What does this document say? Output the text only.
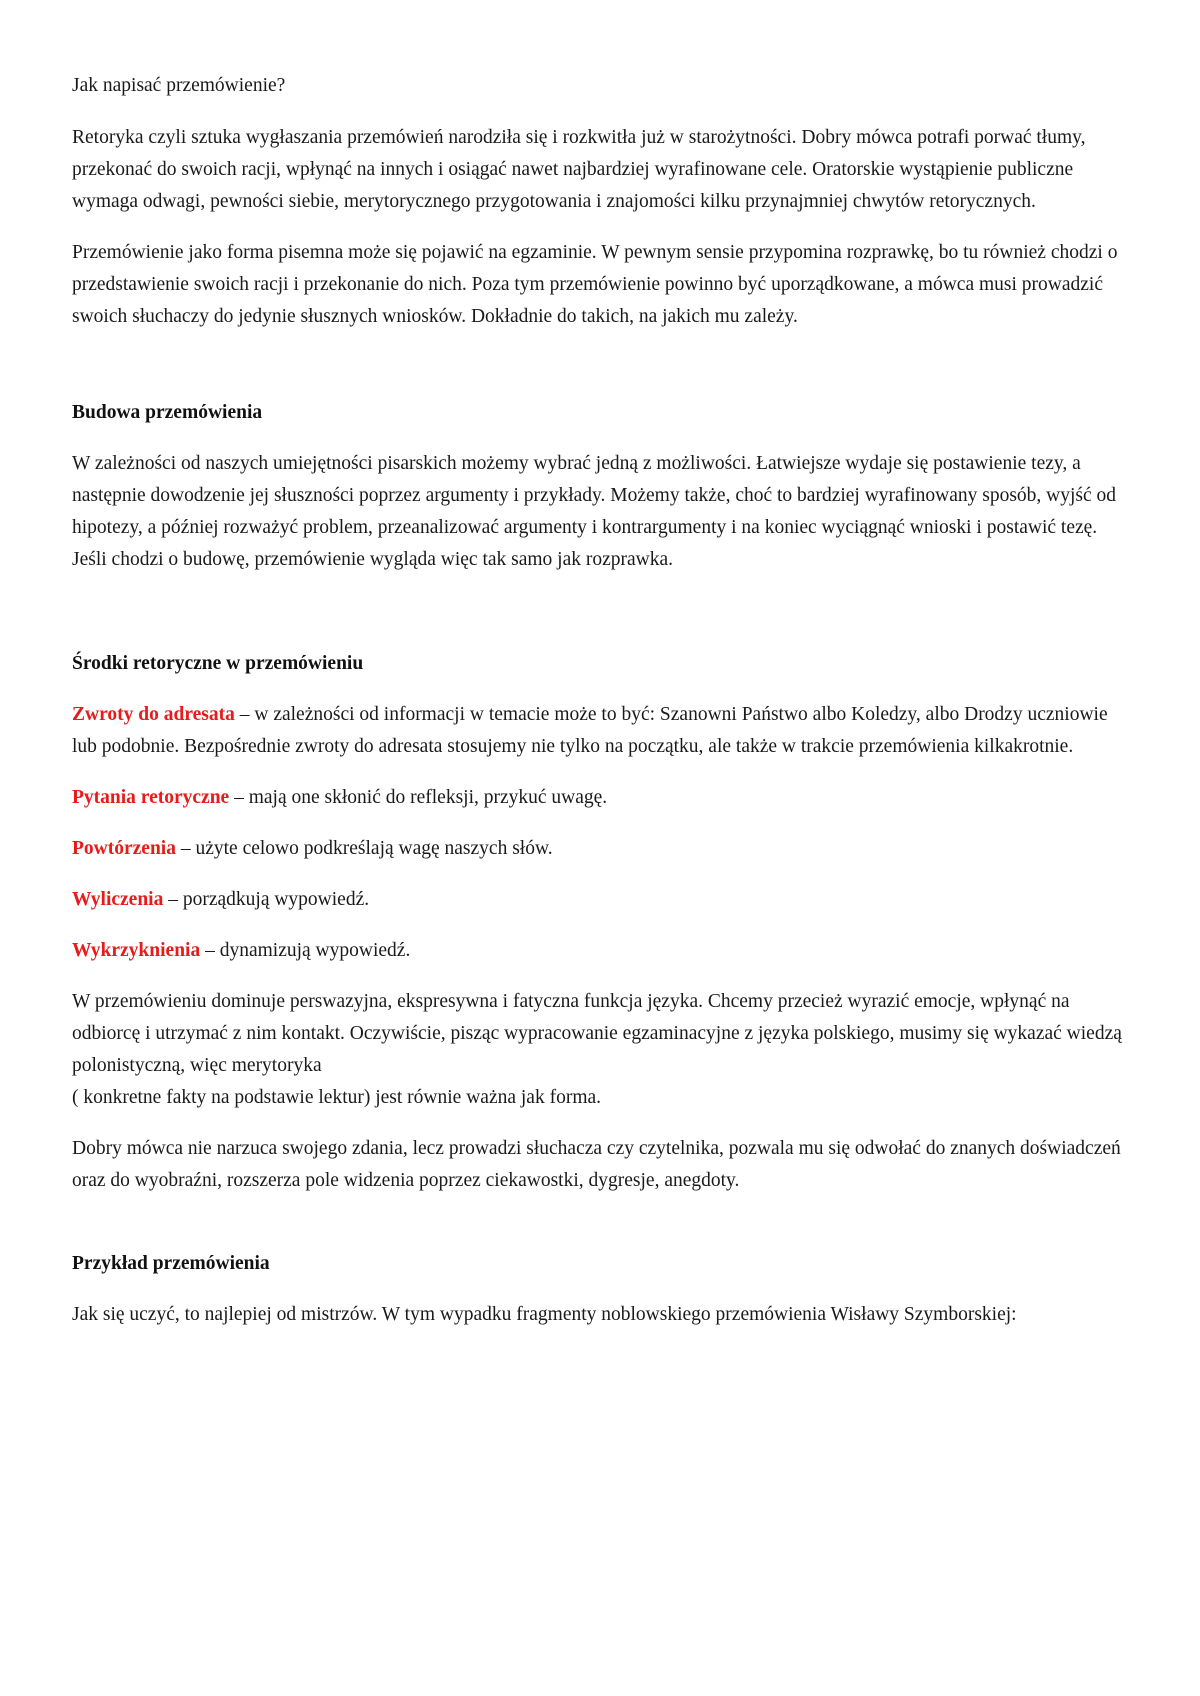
Jak napisać przemówienie?

Retoryka czyli sztuka wygłaszania przemówień narodziła się i rozkwitła już w starożytności. Dobry mówca potrafi porwać tłumy, przekonać do swoich racji, wpłynąć na innych i osiągać nawet najbardziej wyrafinowane cele. Oratorskie wystąpienie publiczne wymaga odwagi, pewności siebie, merytorycznego przygotowania i znajomości kilku przynajmniej chwytów retorycznych.

Przemówienie jako forma pisemna może się pojawić na egzaminie. W pewnym sensie przypomina rozprawkę, bo tu również chodzi o przedstawienie swoich racji i przekonanie do nich. Poza tym przemówienie powinno być uporządkowane, a mówca musi prowadzić swoich słuchaczy do jedynie słusznych wniosków. Dokładnie do takich, na jakich mu zależy.

Budowa przemówienia

W zależności od naszych umiejętności pisarskich możemy wybrać jedną z możliwości. Łatwiejsze wydaje się postawienie tezy, a następnie dowodzenie jej słuszności poprzez argumenty i przykłady. Możemy także, choć to bardziej wyrafinowany sposób, wyjść od hipotezy, a później rozważyć problem, przeanalizować argumenty i kontrargumenty i na koniec wyciągnąć wnioski i postawić tezę. Jeśli chodzi o budowę, przemówienie wygląda więc tak samo jak rozprawka.

Środki retoryczne w przemówieniu

Zwroty do adresata – w zależności od informacji w temacie może to być: Szanowni Państwo albo Koledzy, albo Drodzy uczniowie lub podobnie. Bezpośrednie zwroty do adresata stosujemy nie tylko na początku, ale także w trakcie przemówienia kilkakrotnie.

Pytania retoryczne – mają one skłonić do refleksji, przykuć uwagę.

Powtórzenia – użyte celowo podkreślają wagę naszych słów.

Wyliczenia – porządkują wypowiedź.

Wykrzyknienia – dynamizują wypowiedź.

W przemówieniu dominuje perswazyjna, ekspresywna i fatyczna funkcja języka. Chcemy przecież wyrazić emocje, wpłynąć na odbiorcę i utrzymać z nim kontakt. Oczywiście, pisząc wypracowanie egzaminacyjne z języka polskiego, musimy się wykazać wiedzą polonistyczną, więc merytoryka

( konkretne fakty na podstawie lektur) jest równie ważna jak forma.

Dobry mówca nie narzuca swojego zdania, lecz prowadzi słuchacza czy czytelnika, pozwala mu się odwołać do znanych doświadczeń oraz do wyobraźni, rozszerza pole widzenia poprzez ciekawostki, dygresje, anegdoty.

Przykład przemówienia

Jak się uczyć, to najlepiej od mistrzów. W tym wypadku fragmenty noblowskiego przemówienia Wisławy Szymborskiej:
